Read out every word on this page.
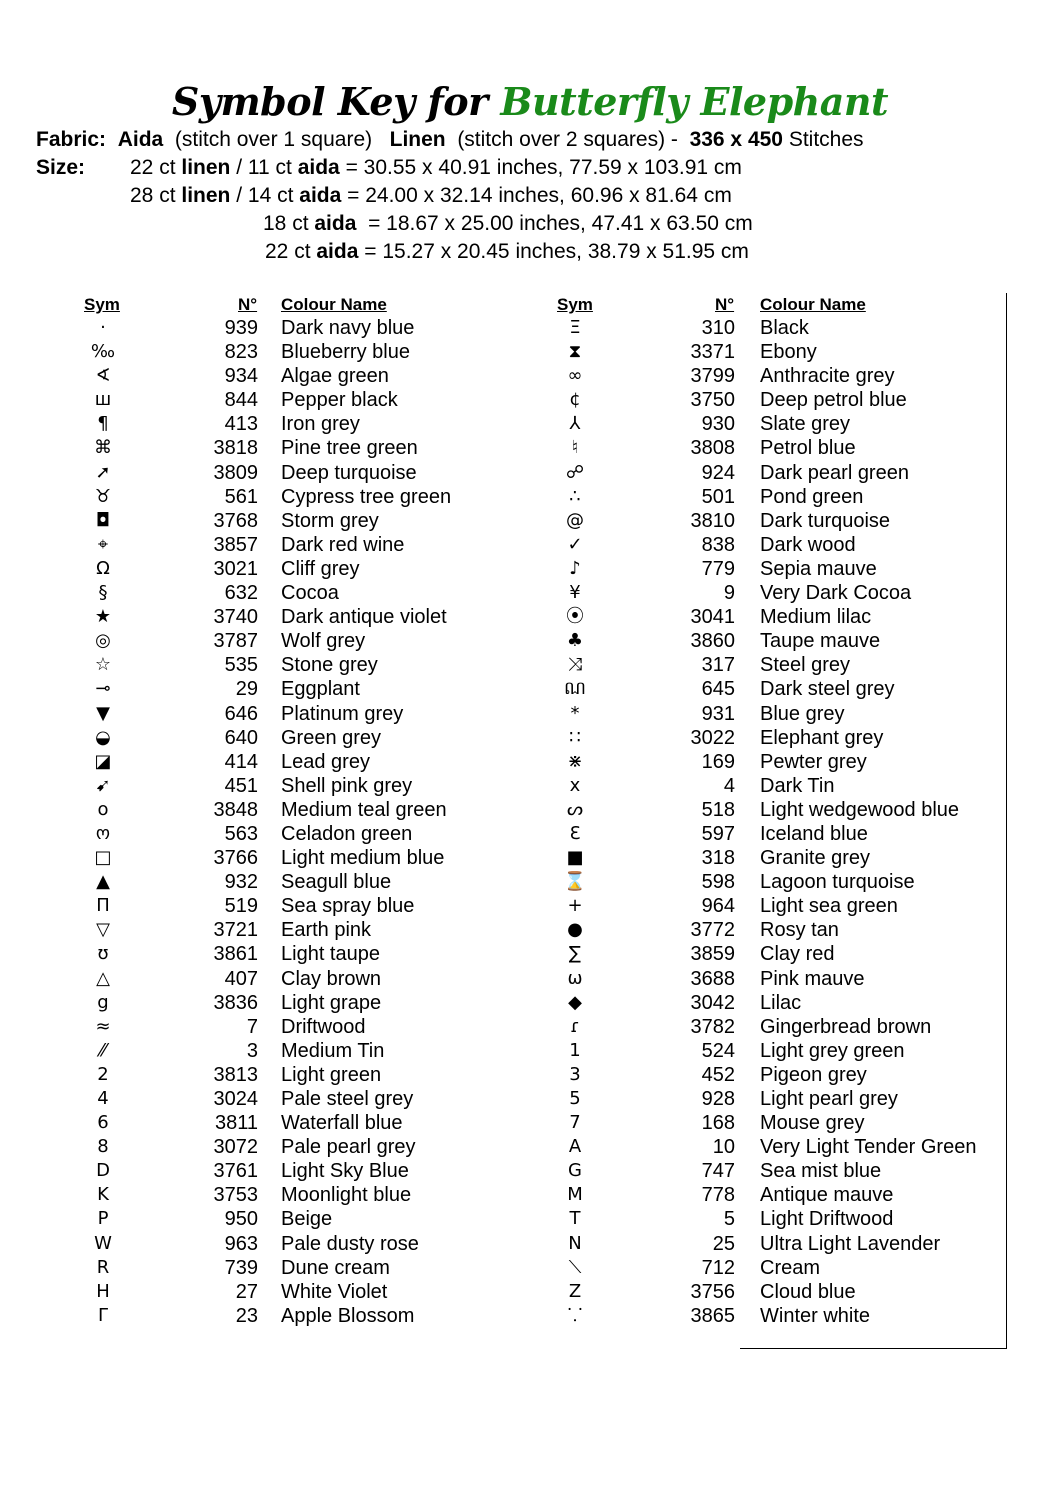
Symbol Key for Butterfly Elephant
Fabric: Aida (stitch over 1 square) Linen (stitch over 2 squares) - 336 x 450 Stitches
Size: 22 ct linen / 11 ct aida = 30.55 x 40.91 inches, 77.59 x 103.91 cm
28 ct linen / 14 ct aida = 24.00 x 32.14 inches, 60.96 x 81.64 cm
18 ct aida  = 18.67 x 25.00 inches, 47.41 x 63.50 cm
22 ct aida = 15.27 x 20.45 inches, 38.79 x 51.95 cm
Sym	N° Colour Name	Sym	N° Colour Name
·	939 Dark navy blue
‰	823 Blueberry blue
∢	934 Algae green
ш	844 Pepper black
¶	413 Iron grey
⌘	3818 Pine tree green
➚	3809 Deep turquoise
♉	561 Cypress tree green
◘	3768 Storm grey
⌖	3857 Dark red wine
Ω	3021 Cliff grey
§	632 Cocoa
★	3740 Dark antique violet
◎	3787 Wolf grey
☆	535 Stone grey
⊸	29 Eggplant
▼	646 Platinum grey
◒	640 Green grey
◪	414 Lead grey
➹	451 Shell pink grey
o	3848 Medium teal green
ო	563 Celadon green
□	3766 Light medium blue
▲	932 Seagull blue
Π	519 Sea spray blue
▽	3721 Earth pink
ʊ	3861 Light taupe
△	407 Clay brown
g	3836 Light grape
≈	7 Driftwood
⁄⁄	3 Medium Tin
2	3813 Light green
4	3024 Pale steel grey
6	3811 Waterfall blue
8	3072 Pale pearl grey
D	3761 Light Sky Blue
K	3753 Moonlight blue
P	950 Beige
W	963 Pale dusty rose
R	739 Dune cream
H	27 White Violet
Γ	23 Apple Blossom
Ξ	310 Black
⧗	3371 Ebony
∞	3799 Anthracite grey
¢	3750 Deep petrol blue
⅄	930 Slate grey
♮	3808 Petrol blue
☍	924 Dark pearl green
∴	501 Pond green
@	3810 Dark turquoise
✓	838 Dark wood
♪	779 Sepia mauve
¥	9 Very Dark Cocoa
⦿	3041 Medium lilac
♣	3860 Taupe mauve
⤨	317 Steel grey
ណ	645 Dark steel grey
*	931 Blue grey
∷	3022 Elephant grey
⋇	169 Pewter grey
x	4 Dark Tin
ᔕ	518 Light wedgewood blue
Ɛ	597 Iceland blue
■	318 Granite grey
⌛	598 Lagoon turquoise
+	964 Light sea green
●	3772 Rosy tan
∑	3859 Clay red
ω	3688 Pink mauve
◆	3042 Lilac
ɾ	3782 Gingerbread brown
1	524 Light grey green
3	452 Pigeon grey
5	928 Light pearl grey
7	168 Mouse grey
A	10 Very Light Tender Green
G	747 Sea mist blue
M	778 Antique mauve
T	5 Light Driftwood
N	25 Ultra Light Lavender
⟍	712 Cream
Z	3756 Cloud blue
⸪	3865 Winter white
